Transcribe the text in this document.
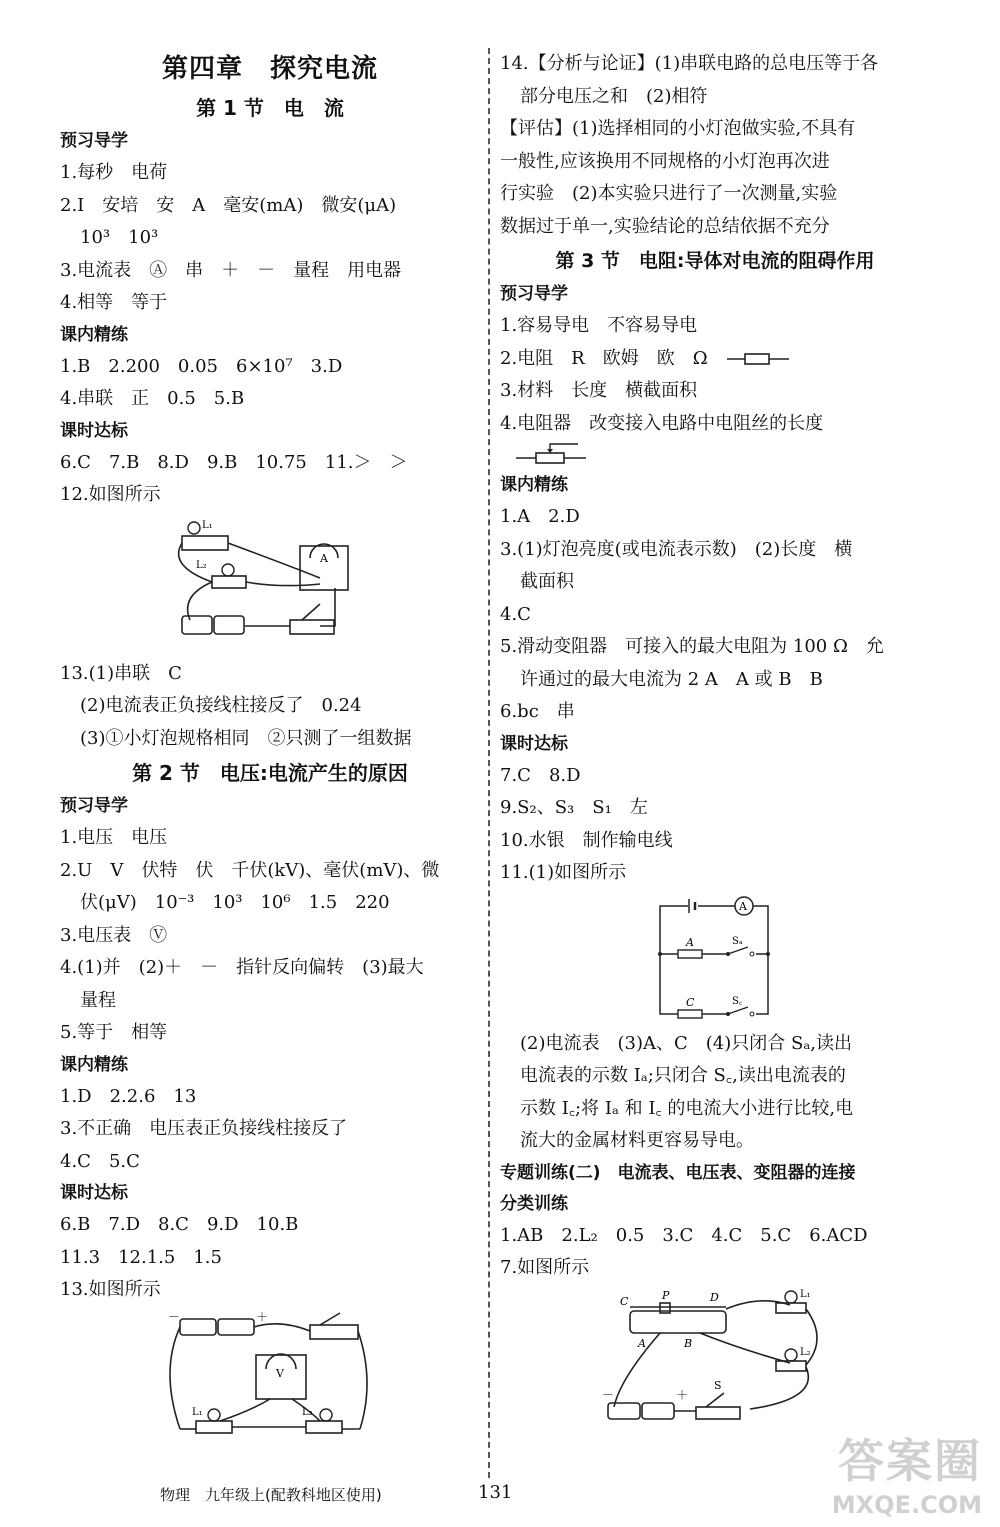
第四章　探究电流
第 1 节　电　流
预习导学
1.每秒　电荷
2.I　安培　安　A　毫安(mA)　微安(μA)
10³　10³
3.电流表　Ⓐ　串　＋　－　量程　用电器
4.相等　等于
课内精练
1.B　2.200　0.05　6×10⁷　3.D
4.串联　正　0.5　5.B
课时达标
6.C　7.B　8.D　9.B　10.75　11.＞　＞
12.如图所示
L₁
L₂
A
13.(1)串联　C
(2)电流表正负接线柱接反了　0.24
(3)①小灯泡规格相同　②只测了一组数据
第 2 节　电压:电流产生的原因
预习导学
1.电压　电压
2.U　V　伏特　伏　千伏(kV)、毫伏(mV)、微
伏(μV)　10⁻³　10³　10⁶　1.5　220
3.电压表　Ⓥ
4.(1)并　(2)＋　－　指针反向偏转　(3)最大
量程
5.等于　相等
课内精练
1.D　2.2.6　13
3.不正确　电压表正负接线柱接反了
4.C　5.C
课时达标
6.B　7.D　8.C　9.D　10.B
11.3　12.1.5　1.5
13.如图所示
－	＋
V
L₁	L₂
14.【分析与论证】(1)串联电路的总电压等于各
部分电压之和　(2)相符
【评估】(1)选择相同的小灯泡做实验,不具有
一般性,应该换用不同规格的小灯泡再次进
行实验　(2)本实验只进行了一次测量,实验
数据过于单一,实验结论的总结依据不充分
第 3 节　电阻:导体对电流的阻碍作用
预习导学
1.容易导电　不容易导电
2.电阻　R　欧姆　欧　Ω
3.材料　长度　横截面积
4.电阻器　改变接入电路中电阻丝的长度
课内精练
1.A　2.D
3.(1)灯泡亮度(或电流表示数)　(2)长度　横
截面积
4.C
5.滑动变阻器　可接入的最大电阻为 100 Ω　允
许通过的最大电流为 2 A　A 或 B　B
6.bc　串
课时达标
7.C　8.D
9.S₂、S₃　S₁　左
10.水银　制作输电线
11.(1)如图所示
A
A
C
Sₐ
S꜀
(2)电流表　(3)A、C　(4)只闭合 Sₐ,读出
电流表的示数 Iₐ;只闭合 S꜀,读出电流表的
示数 I꜀;将 Iₐ 和 I꜀ 的电流大小进行比较,电
流大的金属材料更容易导电。
专题训练(二)　电流表、电压表、变阻器的连接
分类训练
1.AB　2.L₂　0.5　3.C　4.C　5.C　6.ACD
7.如图所示
C	P	D
A	B
S
L₁
L₂
－	＋
物理　九年级上(配教科地区使用)	131
答案圈
MXQE.COM
